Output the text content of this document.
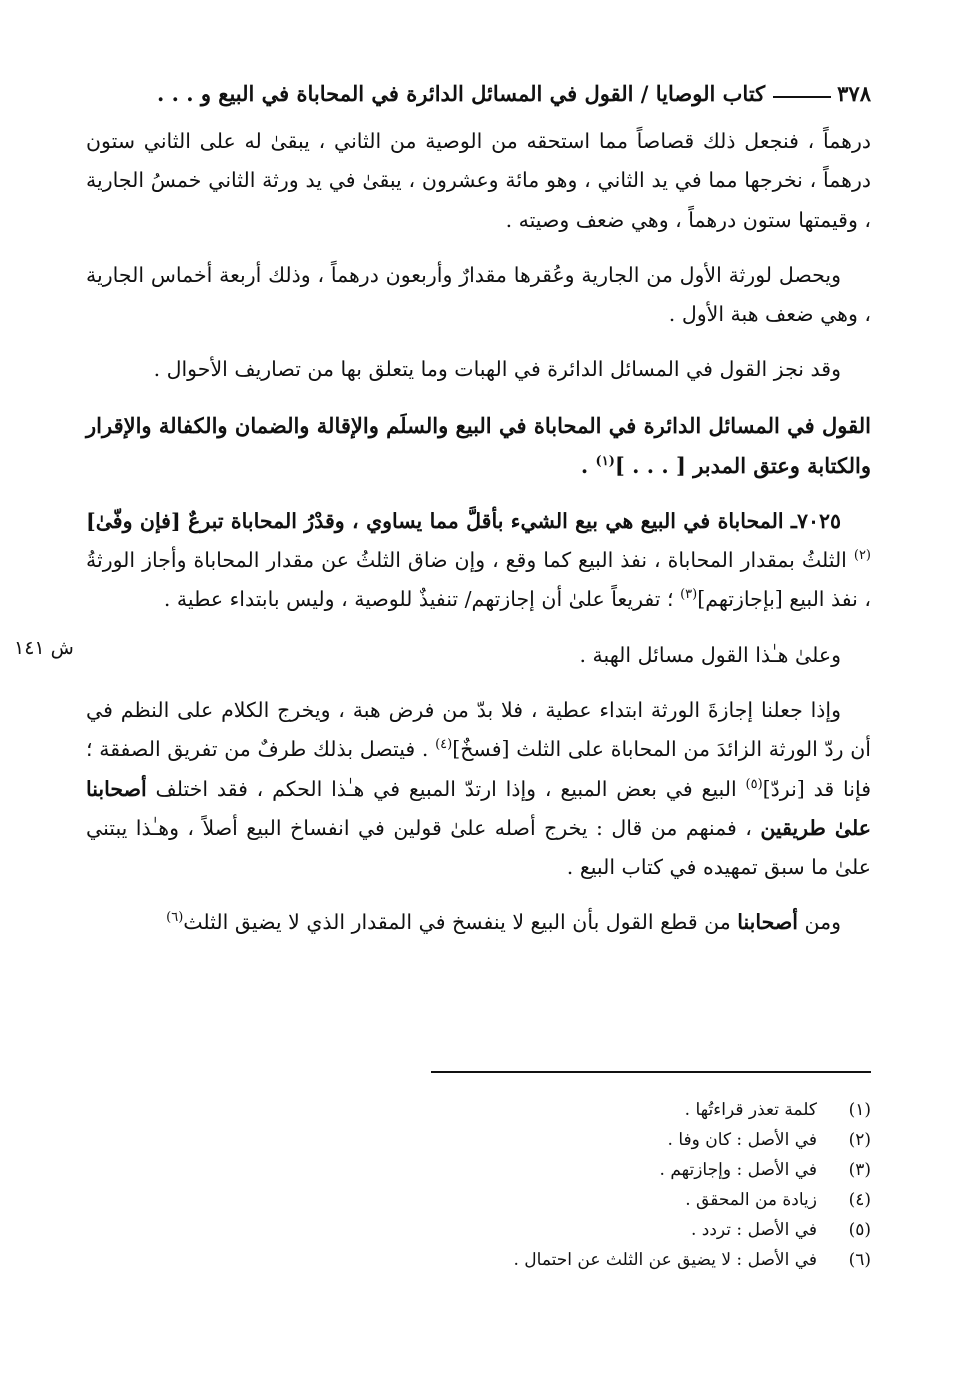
٣٧٨
كتاب الوصايا / القول في المسائل الدائرة في المحاباة في البيع و . . .

درهماً ، فنجعل ذلك قصاصاً مما استحقه من الوصية من الثاني ، يبقىٰ له على الثاني ستون درهماً ، نخرجها مما في يد الثاني ، وهو مائة وعشرون ، يبقىٰ في يد ورثة الثاني خمسُ الجارية ، وقيمتها ستون درهماً ، وهي ضعف وصيته .

ويحصل لورثة الأول من الجارية وعُقرها مقدارٌ وأربعون درهماً ، وذلك أربعة أخماس الجارية ، وهي ضعف هبة الأول .

وقد نجز القول في المسائل الدائرة في الهبات وما يتعلق بها من تصاريف الأحوال .

القول في المسائل الدائرة في المحاباة في البيع والسلَم والإقالة والضمان والكفالة والإقرار والكتابة وعتق المدبر [ . . . ]$^{(١)}$ .

٧٠٢٥ـ المحاباة في البيع هي بيع الشيء بأقلَّ مما يساوي ، وقدْرُ المحاباة تبرعٌ [فإن وفّىٰ]$^{(٢)}$ الثلثُ بمقدار المحاباة ، نفذ البيع كما وقع ، وإن ضاق الثلثُ عن مقدار المحاباة وأجاز الورثةُ ، نفذ البيع [بإجازتهم]$^{(٣)}$ ؛ تفريعاً علىٰ أن إجازتهم/ تنفيذٌ للوصية ، وليس بابتداء عطية .

وعلىٰ هـٰذا القول مسائل الهبة .

وإذا جعلنا إجازةَ الورثة ابتداء عطية ، فلا بدّ من فرض هبة ، ويخرج الكلام على النظم في أن ردّ الورثة الزائدَ من المحاباة على الثلث [فسخٌ]$^{(٤)}$ . فيتصل بذلك طرفٌ من تفريق الصفقة ؛ فإنا قد [نردّ]$^{(٥)}$ البيع في بعض المبيع ، وإذا ارتدّ المبيع في هـٰذا الحكم ، فقد اختلف أصحابنا علىٰ طريقين ، فمنهم من قال : يخرج أصله علىٰ قولين في انفساخ البيع أصلاً ، وهـٰذا يبتني علىٰ ما سبق تمهيده في كتاب البيع .

ومن أصحابنا من قطع القول بأن البيع لا ينفسخ في المقدار الذي لا يضيق الثلث$^{(٦)}$

ش ١٤١
(١)
كلمة تعذر قراءتُها .
(٢)
في الأصل : كان وفا .
(٣)
في الأصل : وإجازتهم .
(٤)
زيادة من المحقق .
(٥)
في الأصل : تردد .
(٦)
في الأصل : لا يضيق عن الثلث عن احتمال .
